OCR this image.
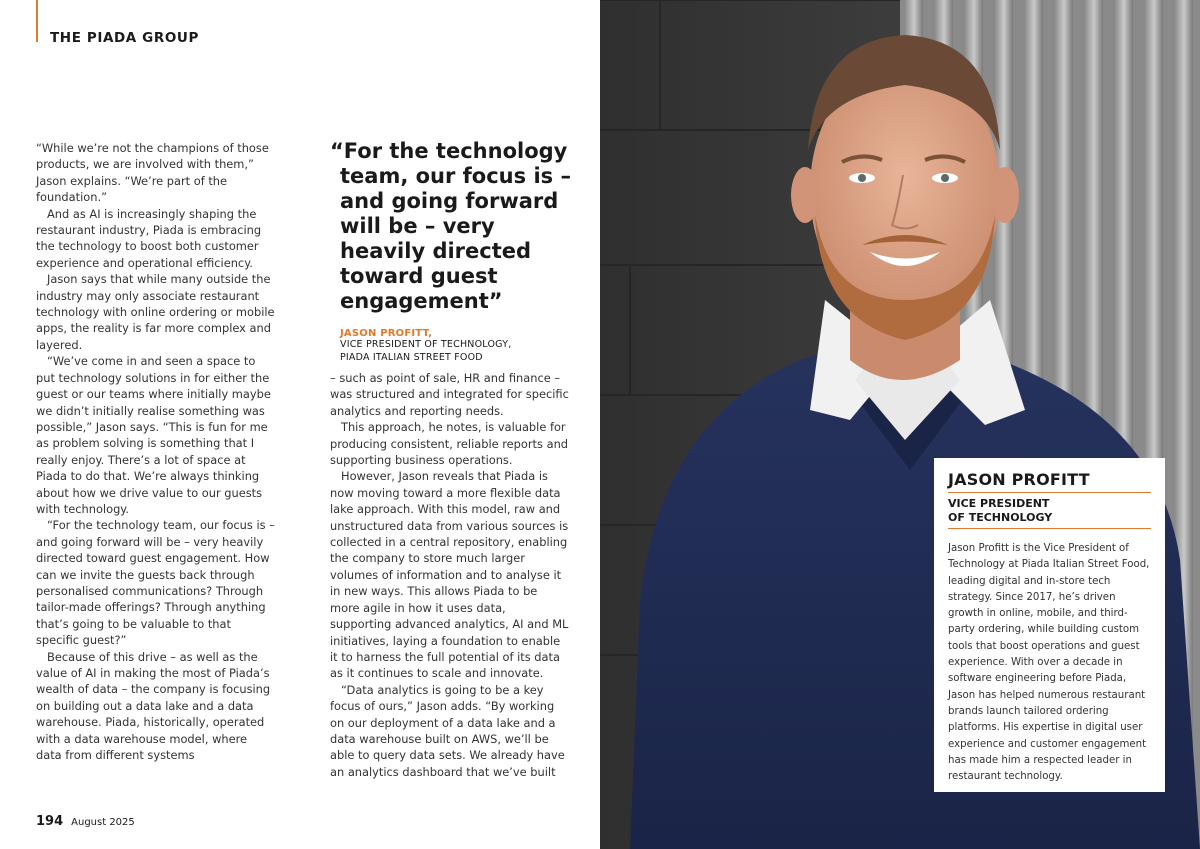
THE PIADA GROUP

“While we’re not the champions of those products, we are involved with them,” Jason explains. “We’re part of the foundation.”

And as AI is increasingly shaping the restaurant industry, Piada is embracing the technology to boost both customer experience and operational efficiency.

Jason says that while many outside the industry may only associate restaurant technology with online ordering or mobile apps, the reality is far more complex and layered.

“We’ve come in and seen a space to put technology solutions in for either the guest or our teams where initially maybe we didn’t initially realise something was possible,” Jason says. “This is fun for me as problem solving is something that I really enjoy. There’s a lot of space at Piada to do that. We’re always thinking about how we drive value to our guests with technology.

“For the technology team, our focus is – and going forward will be – very heavily directed toward guest engagement. How can we invite the guests back through personalised communications? Through tailor-made offerings? Through anything that’s going to be valuable to that specific guest?”

Because of this drive – as well as the value of AI in making the most of Piada’s wealth of data – the company is focusing on building out a data lake and a data warehouse. Piada, historically, operated with a data warehouse model, where data from different systems

“For the technology team, our focus is – and going forward will be – very heavily directed toward guest engagement”

JASON PROFITT,
VICE PRESIDENT OF TECHNOLOGY,
PIADA ITALIAN STREET FOOD

– such as point of sale, HR and finance – was structured and integrated for specific analytics and reporting needs.

This approach, he notes, is valuable for producing consistent, reliable reports and supporting business operations.

However, Jason reveals that Piada is now moving toward a more flexible data lake approach. With this model, raw and unstructured data from various sources is collected in a central repository, enabling the company to store much larger volumes of information and to analyse it in new ways. This allows Piada to be more agile in how it uses data, supporting advanced analytics, AI and ML initiatives, laying a foundation to enable it to harness the full potential of its data as it continues to scale and innovate.

“Data analytics is going to be a key focus of ours,” Jason adds. “By working on our deployment of a data lake and a data warehouse built on AWS, we’ll be able to query data sets. We already have an analytics dashboard that we’ve built

194 August 2025
JASON PROFITT
VICE PRESIDENT
OF TECHNOLOGY
Jason Profitt is the Vice President of Technology at Piada Italian Street Food, leading digital and in-store tech strategy. Since 2017, he’s driven growth in online, mobile, and third-party ordering, while building custom tools that boost operations and guest experience. With over a decade in software engineering before Piada, Jason has helped numerous restaurant brands launch tailored ordering platforms. His expertise in digital user experience and customer engagement has made him a respected leader in restaurant technology.
